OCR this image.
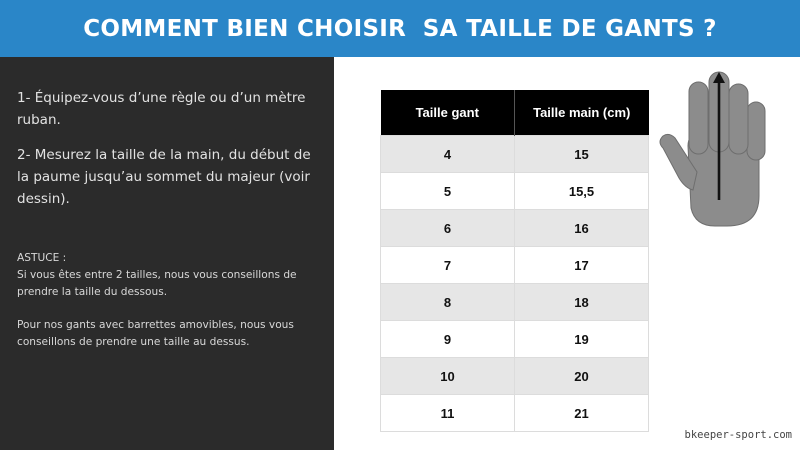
COMMENT BIEN CHOISIR  SA TAILLE DE GANTS ?
1- Équipez-vous d’une règle ou d’un mètre ruban.
2- Mesurez la taille de la main, du début de la paume jusqu’au sommet du majeur (voir dessin).
ASTUCE :
Si vous êtes entre 2 tailles, nous vous conseillons de prendre la taille du dessous.
Pour nos gants avec barrettes amovibles, nous vous conseillons de prendre une taille au dessus.
Taille gant	Taille main (cm)
4	15
5	15,5
6	16
7	17
8	18
9	19
10	20
11	21
bkeeper-sport.com
